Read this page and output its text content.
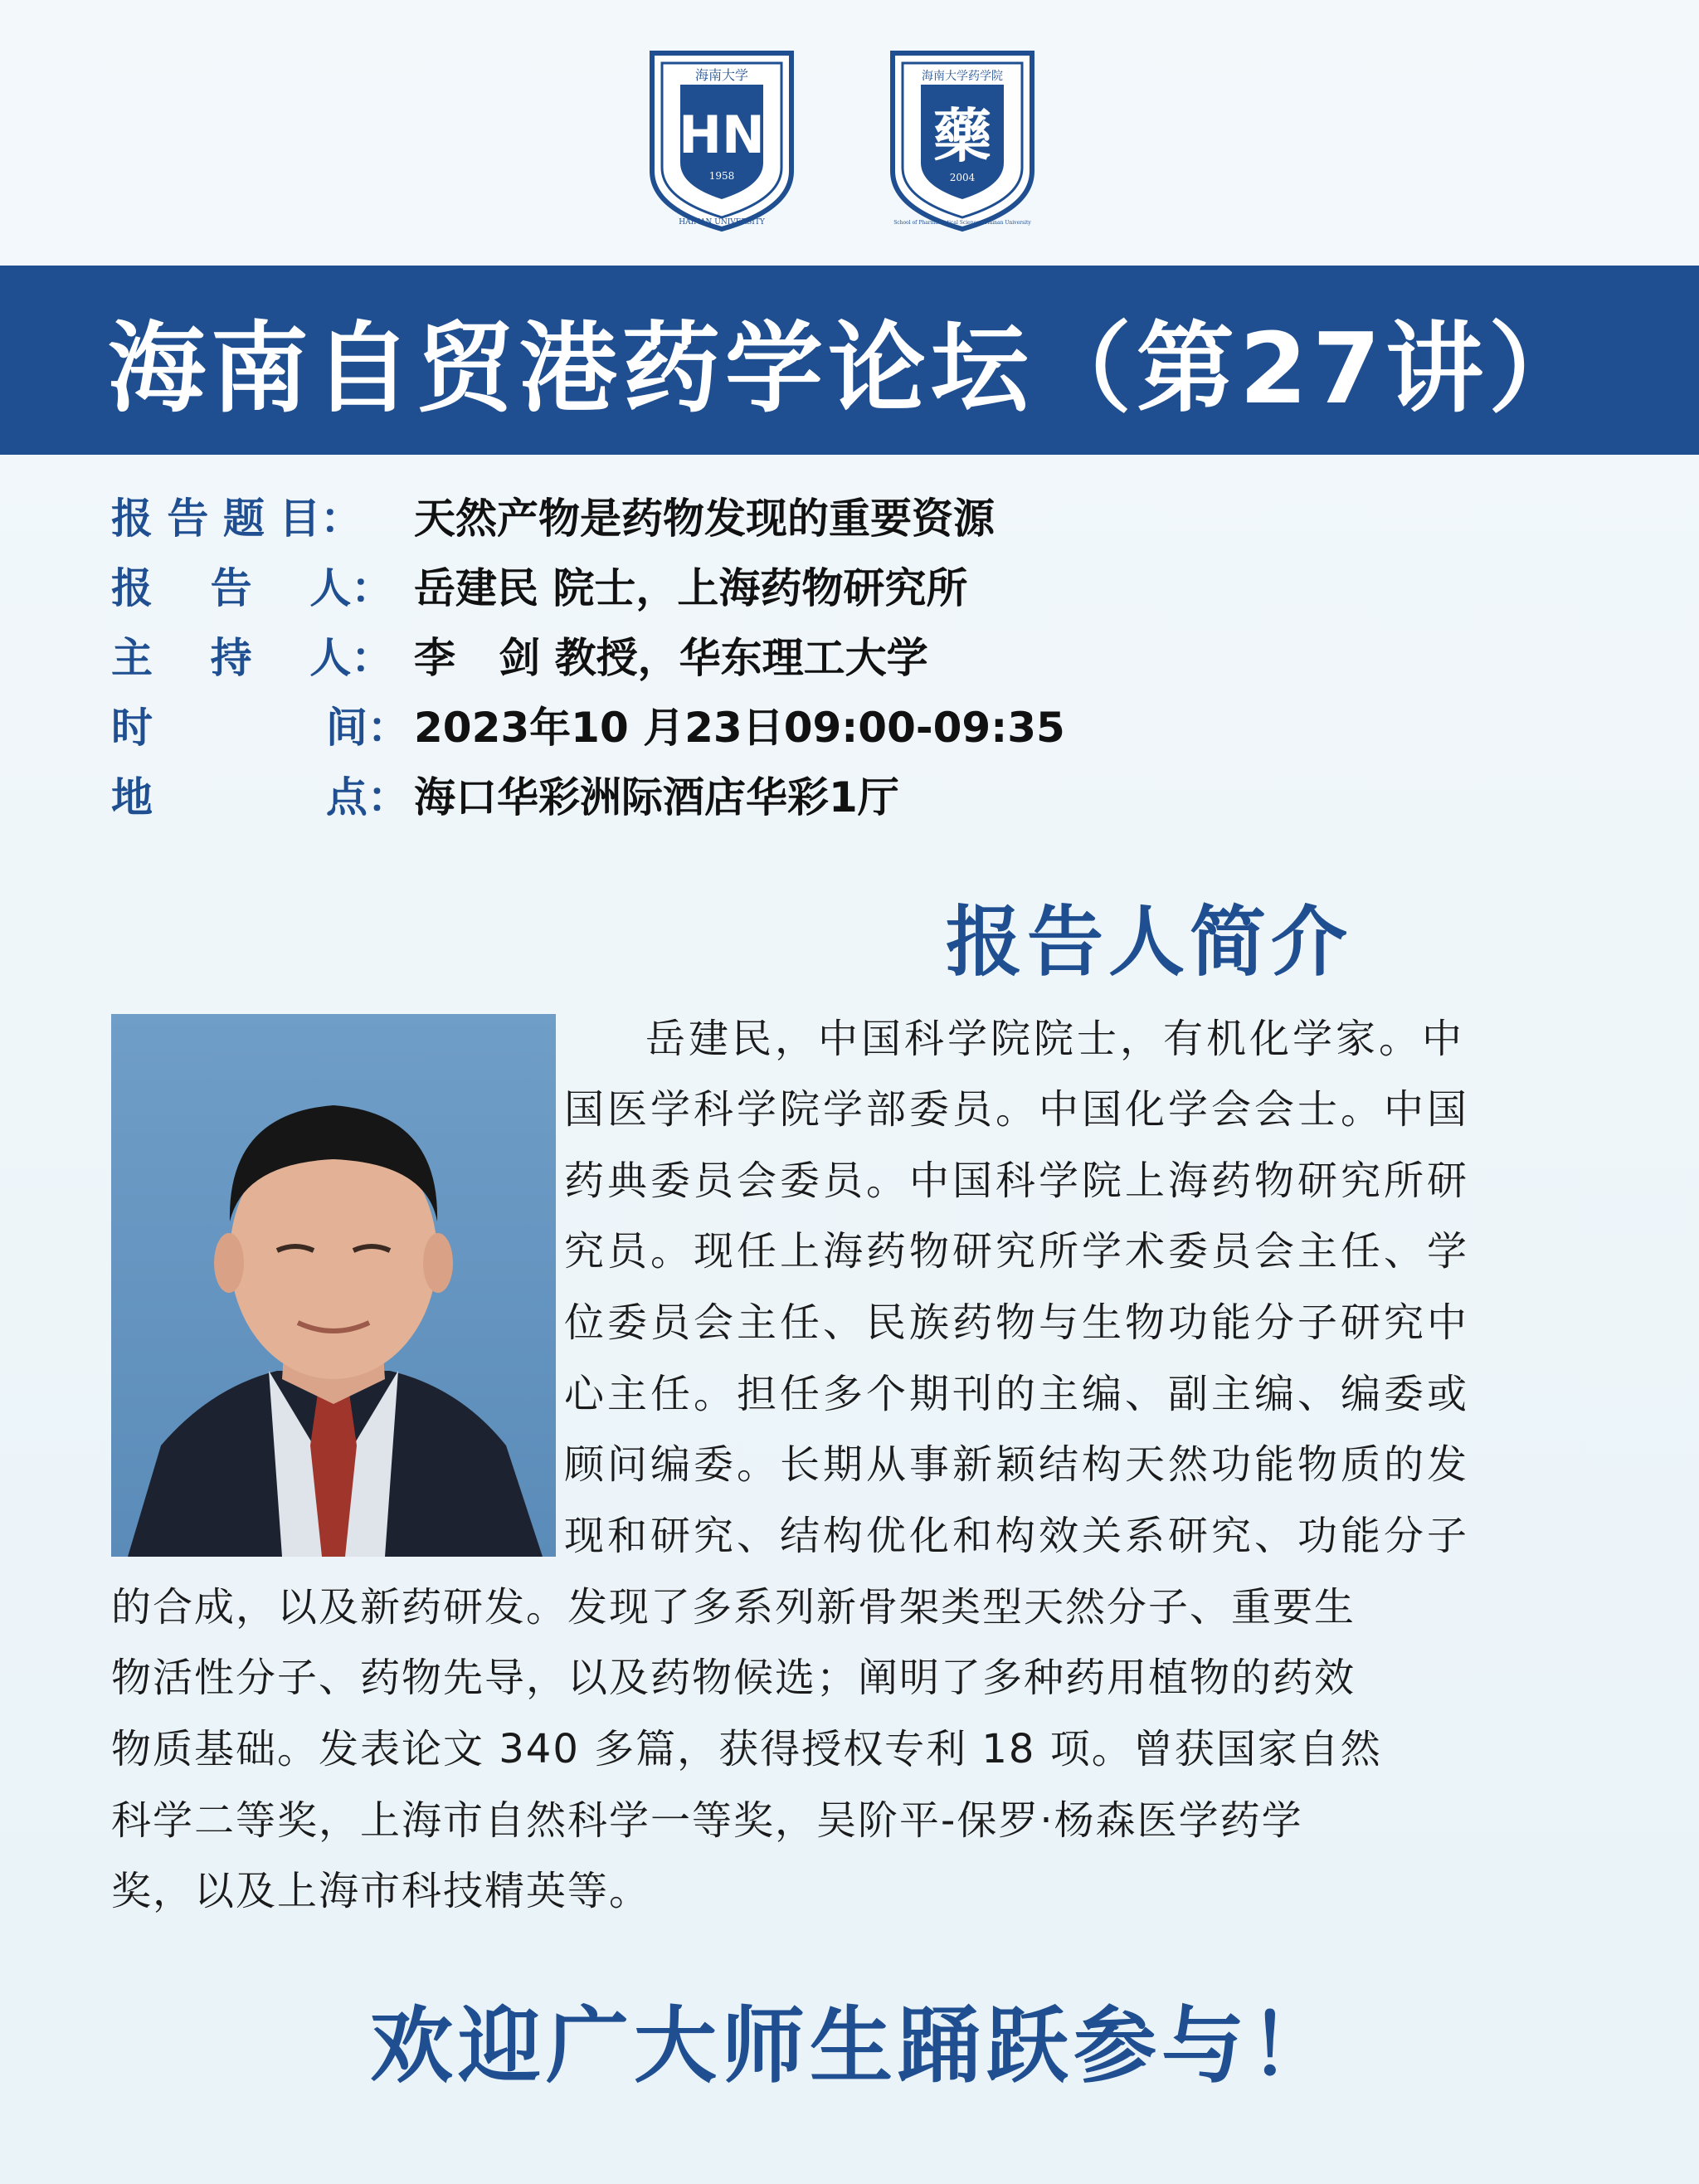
海南大学
HN
1958
HAINAN UNIVERSITY
海南大学药学院
藥
2004
School of Pharmaceutical Sciences, Hainan University
海南自贸港药学论坛（第27讲）
报 告 题 目：	天然产物是药物发现的重要资源
报    告    人： 岳建民 院士，上海药物研究所
主    持    人： 李   剑 教授，华东理工大学
时            间： 2023年10 月23日09:00-09:35
地            点： 海口华彩洲际酒店华彩1厅
报告人简介
岳建民，中国科学院院士，有机化学家。中
国医学科学院学部委员。中国化学会会士。中国
药典委员会委员。中国科学院上海药物研究所研
究员。现任上海药物研究所学术委员会主任、学
位委员会主任、民族药物与生物功能分子研究中
心主任。担任多个期刊的主编、副主编、编委或
顾问编委。长期从事新颖结构天然功能物质的发
现和研究、结构优化和构效关系研究、功能分子
的合成，以及新药研发。发现了多系列新骨架类型天然分子、重要生
物活性分子、药物先导，以及药物候选；阐明了多种药用植物的药效
物质基础。发表论文 340 多篇，获得授权专利 18 项。曾获国家自然
科学二等奖，上海市自然科学一等奖，吴阶平-保罗·杨森医学药学
奖，以及上海市科技精英等。
欢迎广大师生踊跃参与！
